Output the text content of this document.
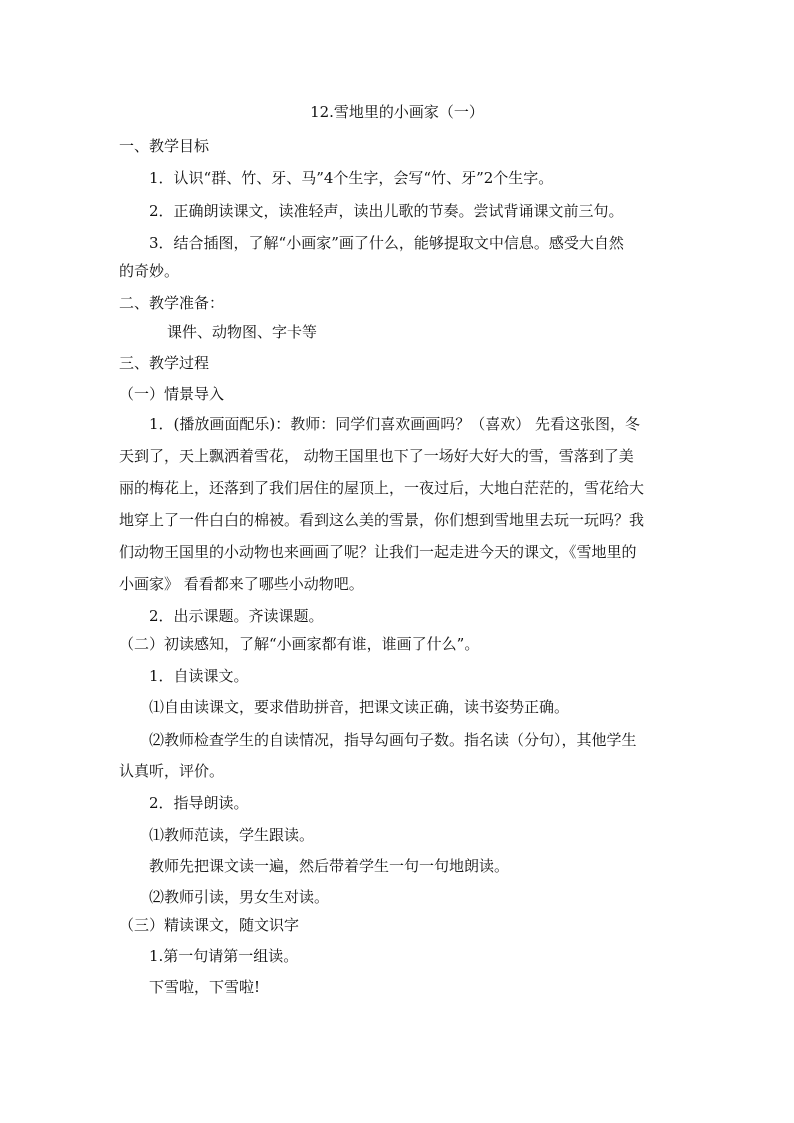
12.雪地里的小画家（一）
一、教学目标
1．认识“群、竹、牙、马”4个生字，会写“竹、牙”2个生字。
2．正确朗读课文，读准轻声，读出儿歌的节奏。尝试背诵课文前三句。
3．结合插图，了解“小画家”画了什么，能够提取文中信息。感受大自然
的奇妙。
二、教学准备：
课件、动物图、字卡等
三、教学过程
（一）情景导入
1．(播放画面配乐)：教师：同学们喜欢画画吗？（喜欢） 先看这张图，冬
天到了，天上飘洒着雪花， 动物王国里也下了一场好大好大的雪，雪落到了美
丽的梅花上，还落到了我们居住的屋顶上，一夜过后，大地白茫茫的，雪花给大
地穿上了一件白白的棉被。看到这么美的雪景，你们想到雪地里去玩一玩吗？我
们动物王国里的小动物也来画画了呢？让我们一起走进今天的课文，《雪地里的
小画家》 看看都来了哪些小动物吧。
2．出示课题。齐读课题。
（二）初读感知，了解“小画家都有谁，谁画了什么”。
1．自读课文。
⑴自由读课文，要求借助拼音，把课文读正确，读书姿势正确。
⑵教师检查学生的自读情况，指导勾画句子数。指名读（分句），其他学生
认真听，评价。
2．指导朗读。
⑴教师范读，学生跟读。
教师先把课文读一遍，然后带着学生一句一句地朗读。
⑵教师引读，男女生对读。
（三）精读课文，随文识字
1.第一句请第一组读。
下雪啦，下雪啦!
